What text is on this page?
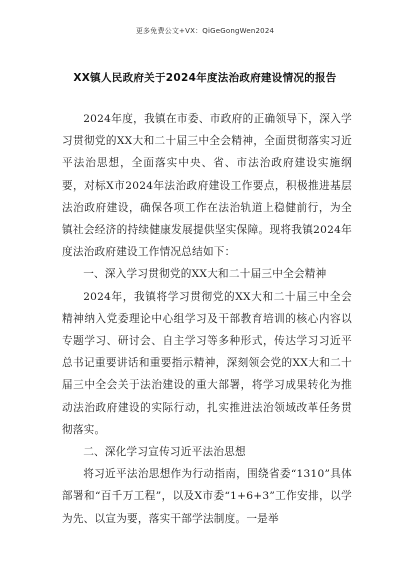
更多免费公文+VX：QiGeGongWen2024
XX镇人民政府关于2024年度法治政府建设情况的报告

2024年度，我镇在市委、市政府的正确领导下，深入学习贯彻党的XX大和二十届三中全会精神，全面贯彻落实习近平法治思想，全面落实中央、省、市法治政府建设实施纲要，对标X市2024年法治政府建设工作要点，积极推进基层法治政府建设，确保各项工作在法治轨道上稳健前行，为全镇社会经济的持续健康发展提供坚实保障。现将我镇2024年度法治政府建设工作情况总结如下：

一、深入学习贯彻党的XX大和二十届三中全会精神

2024年，我镇将学习贯彻党的XX大和二十届三中全会精神纳入党委理论中心组学习及干部教育培训的核心内容以专题学习、研讨会、自主学习等多种形式，传达学习习近平总书记重要讲话和重要指示精神，深刻领会党的XX大和二十届三中全会关于法治建设的重大部署，将学习成果转化为推动法治政府建设的实际行动，扎实推进法治领域改革任务贯彻落实。

二、深化学习宣传习近平法治思想

将习近平法治思想作为行动指南，围绕省委“1310”具体部署和“百千万工程”，以及X市委“1+6+3”工作安排，以学为先、以宣为要，落实干部学法制度。一是举
